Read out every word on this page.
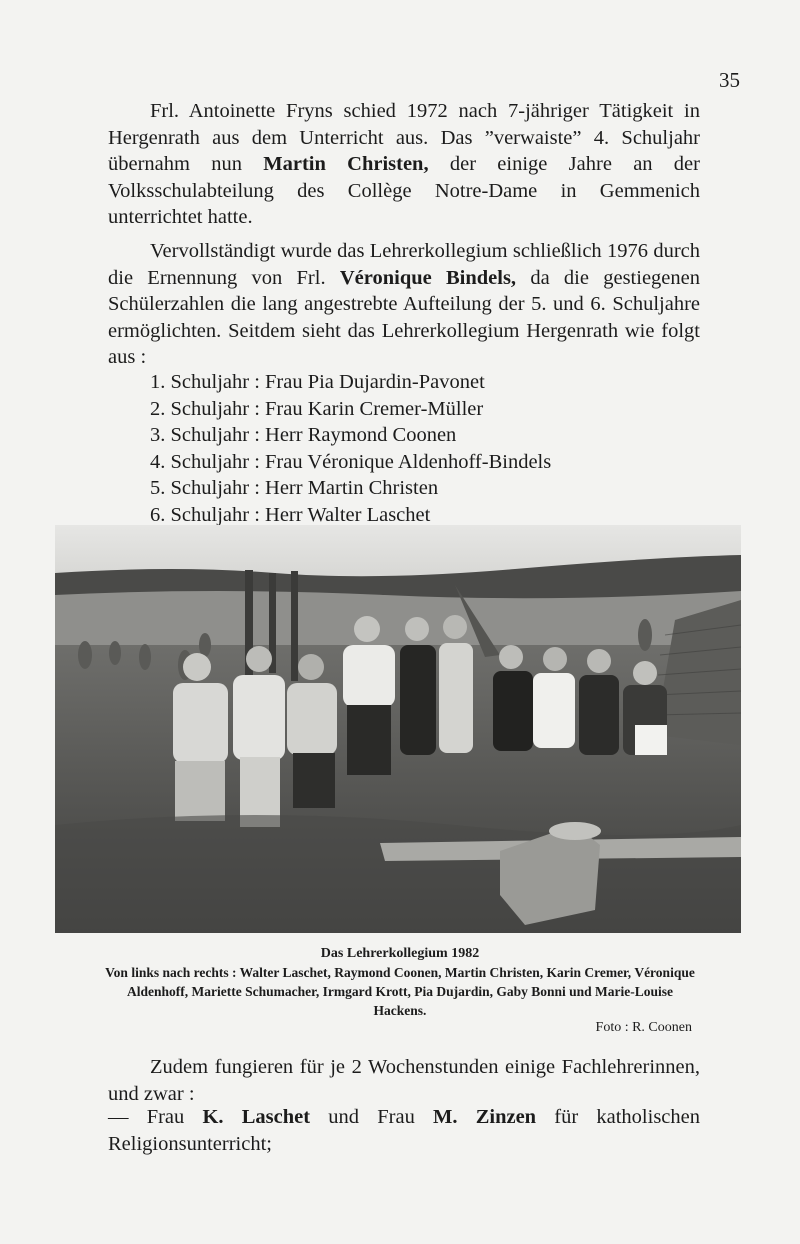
35

Frl. Antoinette Fryns schied 1972 nach 7-jähriger Tätigkeit in Hergenrath aus dem Unterricht aus. Das ”verwaiste” 4. Schuljahr übernahm nun Martin Christen, der einige Jahre an der Volksschulabteilung des Collège Notre-Dame in Gemmenich unterrichtet hatte.

Vervollständigt wurde das Lehrerkollegium schließlich 1976 durch die Ernennung von Frl. Véronique Bindels, da die gestiegenen Schülerzahlen die lang angestrebte Aufteilung der 5. und 6. Schuljahre ermöglichten. Seitdem sieht das Lehrerkollegium Hergenrath wie folgt aus :

1. Schuljahr : Frau Pia Dujardin-Pavonet
2. Schuljahr : Frau Karin Cremer-Müller
3. Schuljahr : Herr Raymond Coonen
4. Schuljahr : Frau Véronique Aldenhoff-Bindels
5. Schuljahr : Herr Martin Christen
6. Schuljahr : Herr Walter Laschet
Das Lehrerkollegium 1982
Von links nach rechts : Walter Laschet, Raymond Coonen, Martin Christen, Karin Cremer, Véronique Aldenhoff, Mariette Schumacher, Irmgard Krott, Pia Dujardin, Gaby Bonni und Marie-Louise Hackens.
Foto : R. Coonen

Zudem fungieren für je 2 Wochenstunden einige Fachlehrerinnen, und zwar :

— Frau K. Laschet und Frau M. Zinzen für katholischen Religionsunterricht;
